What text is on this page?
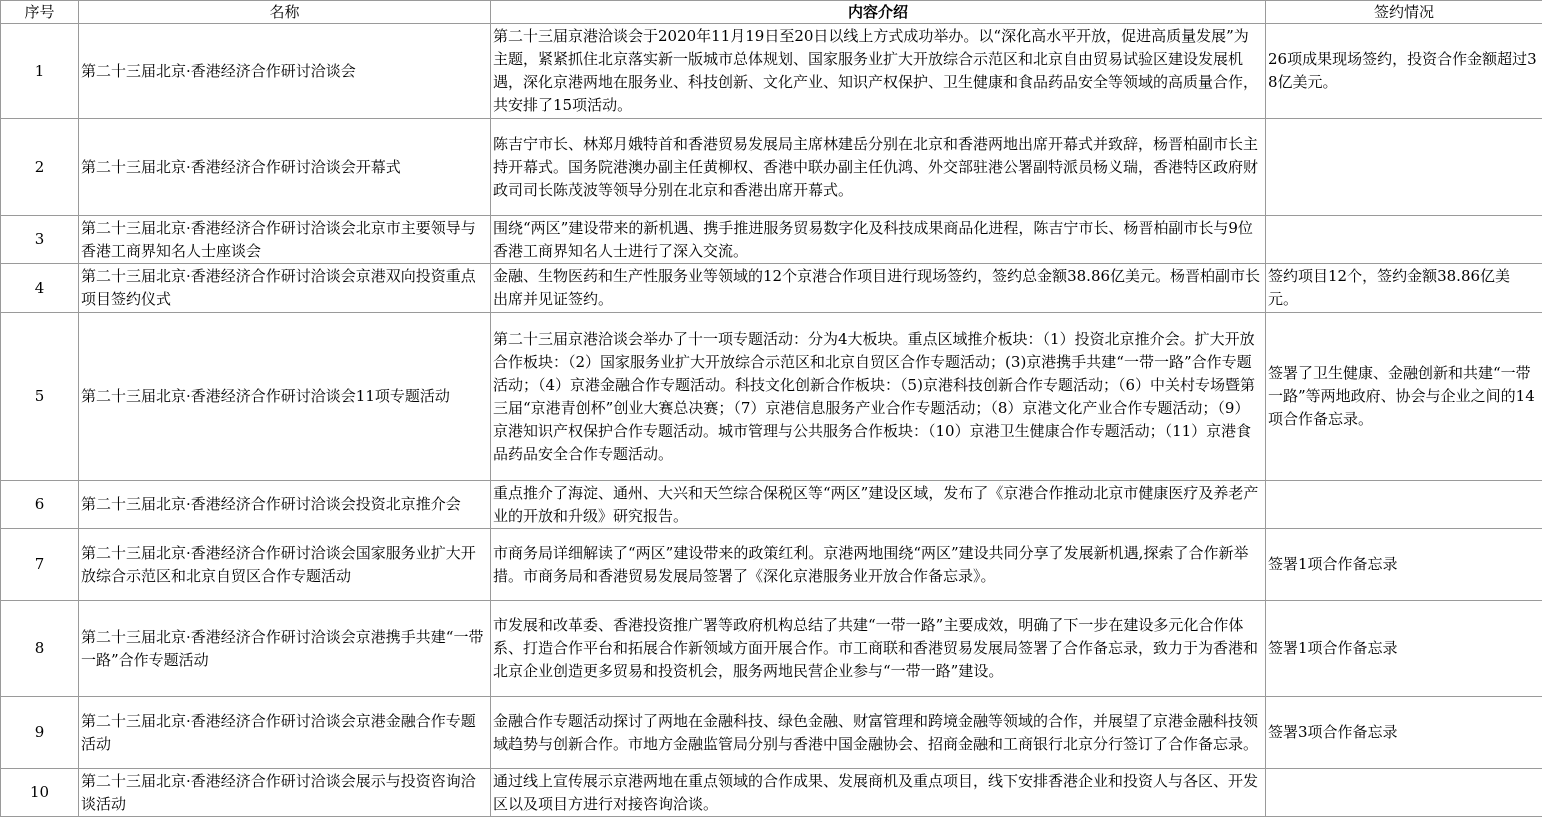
序号	名称	内容介绍	签约情况
1	第二十三届北京·香港经济合作研讨洽谈会	第二十三届京港洽谈会于2020年11月19日至20日以线上方式成功举办。以“深化高水平开放，促进高质量发展”为主题，紧紧抓住北京落实新一版城市总体规划、国家服务业扩大开放综合示范区和北京自由贸易试验区建设发展机遇，深化京港两地在服务业、科技创新、文化产业、知识产权保护、卫生健康和食品药品安全等领域的高质量合作，共安排了15项活动。	26项成果现场签约，投资合作金额超过38亿美元。
2	第二十三届北京·香港经济合作研讨洽谈会开幕式	陈吉宁市长、林郑月娥特首和香港贸易发展局主席林建岳分别在北京和香港两地出席开幕式并致辞，杨晋柏副市长主持开幕式。国务院港澳办副主任黄柳权、香港中联办副主任仇鸿、外交部驻港公署副特派员杨义瑞，香港特区政府财政司司长陈茂波等领导分别在北京和香港出席开幕式。	
3	第二十三届北京·香港经济合作研讨洽谈会北京市主要领导与香港工商界知名人士座谈会	围绕“两区”建设带来的新机遇、携手推进服务贸易数字化及科技成果商品化进程，陈吉宁市长、杨晋柏副市长与9位香港工商界知名人士进行了深入交流。	
4	第二十三届北京·香港经济合作研讨洽谈会京港双向投资重点项目签约仪式	金融、生物医药和生产性服务业等领域的12个京港合作项目进行现场签约，签约总金额38.86亿美元。杨晋柏副市长出席并见证签约。	签约项目12个，签约金额38.86亿美元。
5	第二十三届北京·香港经济合作研讨洽谈会11项专题活动	第二十三届京港洽谈会举办了十一项专题活动：分为4大板块。重点区域推介板块：（1）投资北京推介会。扩大开放合作板块：（2）国家服务业扩大开放综合示范区和北京自贸区合作专题活动；(3)京港携手共建“一带一路”合作专题活动；（4）京港金融合作专题活动。科技文化创新合作板块：（5)京港科技创新合作专题活动；（6）中关村专场暨第三届“京港青创杯”创业大赛总决赛；（7）京港信息服务产业合作专题活动；（8）京港文化产业合作专题活动；（9）京港知识产权保护合作专题活动。城市管理与公共服务合作板块：（10）京港卫生健康合作专题活动；（11）京港食品药品安全合作专题活动。	签署了卫生健康、金融创新和共建“一带一路”等两地政府、协会与企业之间的14项合作备忘录。
6	第二十三届北京·香港经济合作研讨洽谈会投资北京推介会	重点推介了海淀、通州、大兴和天竺综合保税区等“两区”建设区域，发布了《京港合作推动北京市健康医疗及养老产业的开放和升级》研究报告。	
7	第二十三届北京·香港经济合作研讨洽谈会国家服务业扩大开放综合示范区和北京自贸区合作专题活动	市商务局详细解读了“两区”建设带来的政策红利。京港两地围绕“两区”建设共同分享了发展新机遇,探索了合作新举措。市商务局和香港贸易发展局签署了《深化京港服务业开放合作备忘录》。	签署1项合作备忘录
8	第二十三届北京·香港经济合作研讨洽谈会京港携手共建“一带一路”合作专题活动	市发展和改革委、香港投资推广署等政府机构总结了共建“一带一路”主要成效，明确了下一步在建设多元化合作体系、打造合作平台和拓展合作新领域方面开展合作。市工商联和香港贸易发展局签署了合作备忘录，致力于为香港和北京企业创造更多贸易和投资机会，服务两地民营企业参与“一带一路”建设。	签署1项合作备忘录
9	第二十三届北京·香港经济合作研讨洽谈会京港金融合作专题活动	金融合作专题活动探讨了两地在金融科技、绿色金融、财富管理和跨境金融等领域的合作，并展望了京港金融科技领域趋势与创新合作。市地方金融监管局分别与香港中国金融协会、招商金融和工商银行北京分行签订了合作备忘录。	签署3项合作备忘录
10	第二十三届北京·香港经济合作研讨洽谈会展示与投资咨询洽谈活动	通过线上宣传展示京港两地在重点领域的合作成果、发展商机及重点项目，线下安排香港企业和投资人与各区、开发区以及项目方进行对接咨询洽谈。	
